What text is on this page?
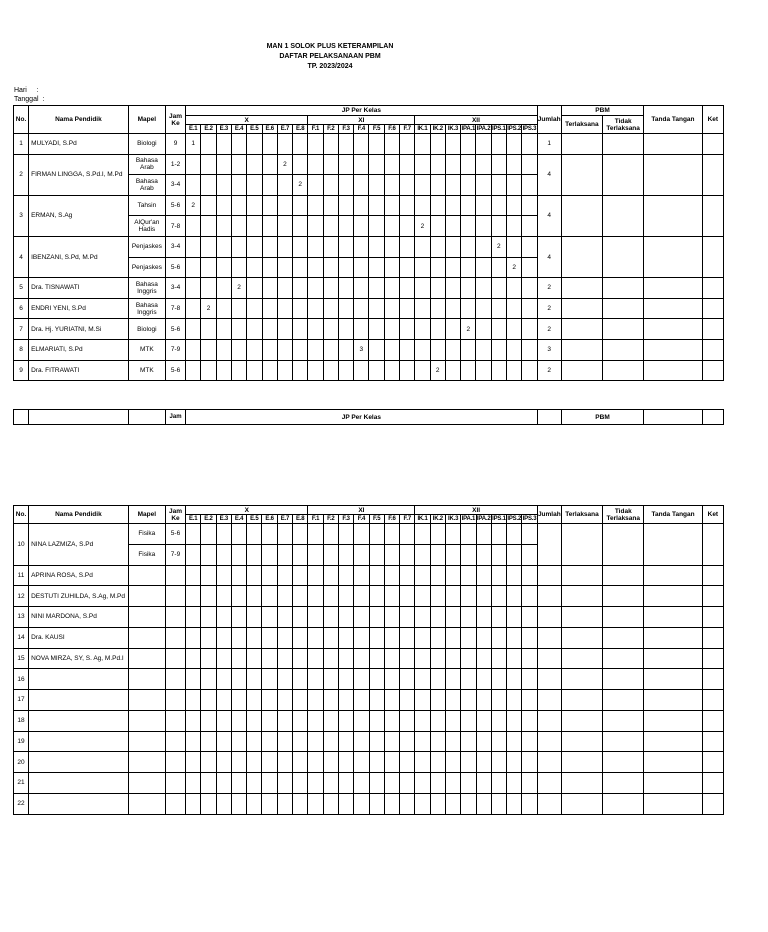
MAN 1 SOLOK PLUS KETERAMPILAN
DAFTAR PELAKSANAAN PBM
TP. 2023/2024
Hari     :
Tanggal  :
No.	Nama Pendidik	Mapel	Jam Ke	JP Per Kelas																							Jumlah	PBM		Tanda Tangan	Ket
				X								XI							XII									Terlaksana	Tidak Terlaksana		
				E.1	E.2	E.3	E.4	E.5	E.6	E.7	E.8	F.1	F.2	F.3	F.4	F.5	F.6	F.7	IK.1	IK.2	IK.3	IPA.1	IPA.2	IPS.1	IPS.2	IPS.3					
1	MULYADI, S.Pd	Biologi	9	1																							1				
2	FIRMAN LINGGA, S.Pd.I, M.Pd	Bahasa Arab	1-2							2																	4				
		Bahasa Arab	3-4								2																				
3	ERMAN, S.Ag	Tahsin	5-6	2																							4				
		AlQur'an Hadis	7-8																2												
4	IBENZANI, S.Pd, M.Pd	Penjaskes	3-4																					2			4				
		Penjaskes	5-6																						2						
5	Dra. TISNAWATI	Bahasa Inggris	3-4				2																				2				
6	ENDRI YENI, S.Pd	Bahasa Inggris	7-8		2																						2				
7	Dra. Hj. YURIATNI, M.Si	Biologi	5-6																			2					2				
8	ELMARIATI, S.Pd	MTK	7-9												3												3				
9	Dra. FITRAWATI	MTK	5-6																	2							2				
			Jam	JP Per Kelas		PBM		
No.	Nama Pendidik	Mapel	Jam Ke	X								XI							XII								Jumlah	Terlaksana	Tidak Terlaksana	Tanda Tangan	Ket
				E.1	E.2	E.3	E.4	E.5	E.6	E.7	E.8	F.1	F.2	F.3	F.4	F.5	F.6	F.7	IK.1	IK.2	IK.3	IPA.1	IPA.2	IPS.1	IPS.2	IPS.3					
10	NINA LAZMIZA, S.Pd	Fisika	5-6																												
		Fisika	7-9																												
11	APRINA ROSA, S.Pd																														
12	DESTUTI ZUHILDA, S.Ag, M.Pd																														
13	NINI MARDONA, S.Pd																														
14	Dra. KAUSI																														
15	NOVA MIRZA, SY, S. Ag, M.Pd.I																														
16																															
17																															
18																															
19																															
20																															
21																															
22																															
